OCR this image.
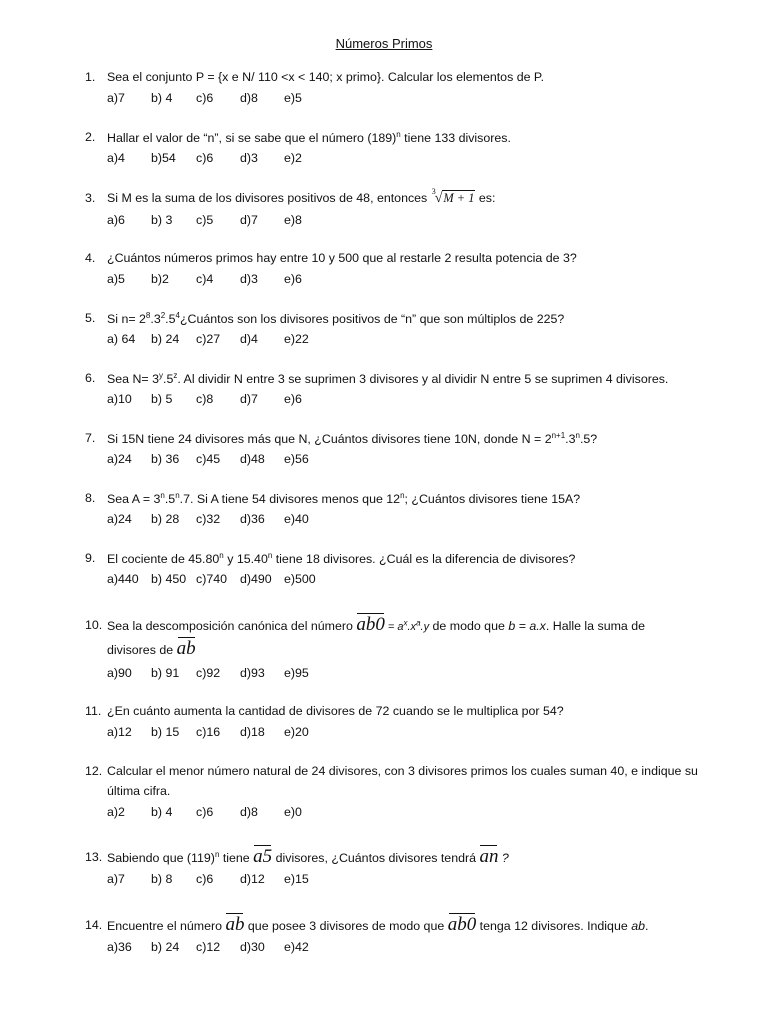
Números Primos
1. Sea el conjunto P = {x e N/ 110 <x < 140; x primo}. Calcular los elementos de P.
a)7 b) 4 c)6 d)8 e)5
2. Hallar el valor de “n”, si se sabe que el número $(189)^n$ tiene 133 divisores.
a)4 b)54 c)6 d)3 e)2
3. Si M es la suma de los divisores positivos de 48, entonces $^3$√M + 1 es:
a)6 b) 3 c)5 d)7 e)8
4. ¿Cuántos números primos hay entre 10 y 500 que al restarle 2 resulta potencia de 3?
a)5 b)2 c)4 d)3 e)6
5. Si $n= 2^8.3^2.5^4¿Cuántos$ son los divisores positivos de “n” que son múltiplos de 225?
a) 64 b) 24 c)27 d)4 e)22
6. Sea $N= 3^y.5^z$. Al dividir N entre 3 se suprimen 3 divisores y al dividir N entre 5 se suprimen 4 divisores.
a)10 b) 5 c)8 d)7 e)6
7. Si 15N tiene 24 divisores más que N, ¿Cuántos divisores tiene 10N, donde $N = 2^{n+1}.3^n.5$?
a)24 b) 36 c)45 d)48 e)56
8. Sea $A = 3^n.5^n.7$. Si A tiene 54 divisores menos que 12$^n$; ¿Cuántos divisores tiene 15A?
a)24 b) 28 c)32 d)36 e)40
9. El cociente de 45.80$^n$ y 15.40$^n$ tiene 18 divisores. ¿Cuál es la diferencia de divisores?
a)440 b) 450 c)740 d)490 e)500
10. Sea la descomposición canónica del número $ab0 = a^x.x^a.y$ de modo que b = a.x. Halle la suma de
divisores de ab
a)90 b) 91 c)92 d)93 e)95
11. ¿En cuánto aumenta la cantidad de divisores de 72 cuando se le multiplica por 54?
a)12 b) 15 c)16 d)18 e)20
12. Calcular el menor número natural de 24 divisores, con 3 divisores primos los cuales suman 40, e indique su
última cifra.
a)2 b) 4 c)6 d)8 e)0
13. Sabiendo que $(119)^n$ tiene a5 divisores, ¿Cuántos divisores tendrá an ?
a)7 b) 8 c)6 d)12 e)15
14. Encuentre el número ab que posee 3 divisores de modo que ab0 tenga 12 divisores. Indique ab.
a)36 b) 24 c)12 d)30 e)42
